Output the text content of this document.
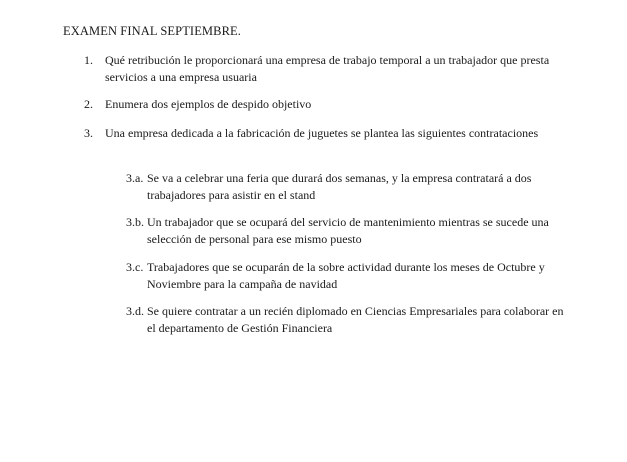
EXAMEN FINAL SEPTIEMBRE.
1.	Qué retribución le proporcionará una empresa de trabajo temporal a un trabajador que presta servicios a una empresa usuaria
2.	Enumera dos ejemplos de despido objetivo
3.	Una empresa dedicada a la fabricación de juguetes se plantea las siguientes contrataciones
3.a. Se va a celebrar una feria que durará dos semanas, y la empresa contratará a dos trabajadores para asistir en el stand
3.b. Un trabajador que se ocupará del servicio de mantenimiento mientras se sucede una selección de personal para ese mismo puesto
3.c. Trabajadores que se ocuparán de la sobre actividad durante los meses de Octubre y Noviembre para la campaña de navidad
3.d. Se quiere contratar a un recién diplomado en Ciencias Empresariales para colaborar en el departamento de Gestión Financiera
